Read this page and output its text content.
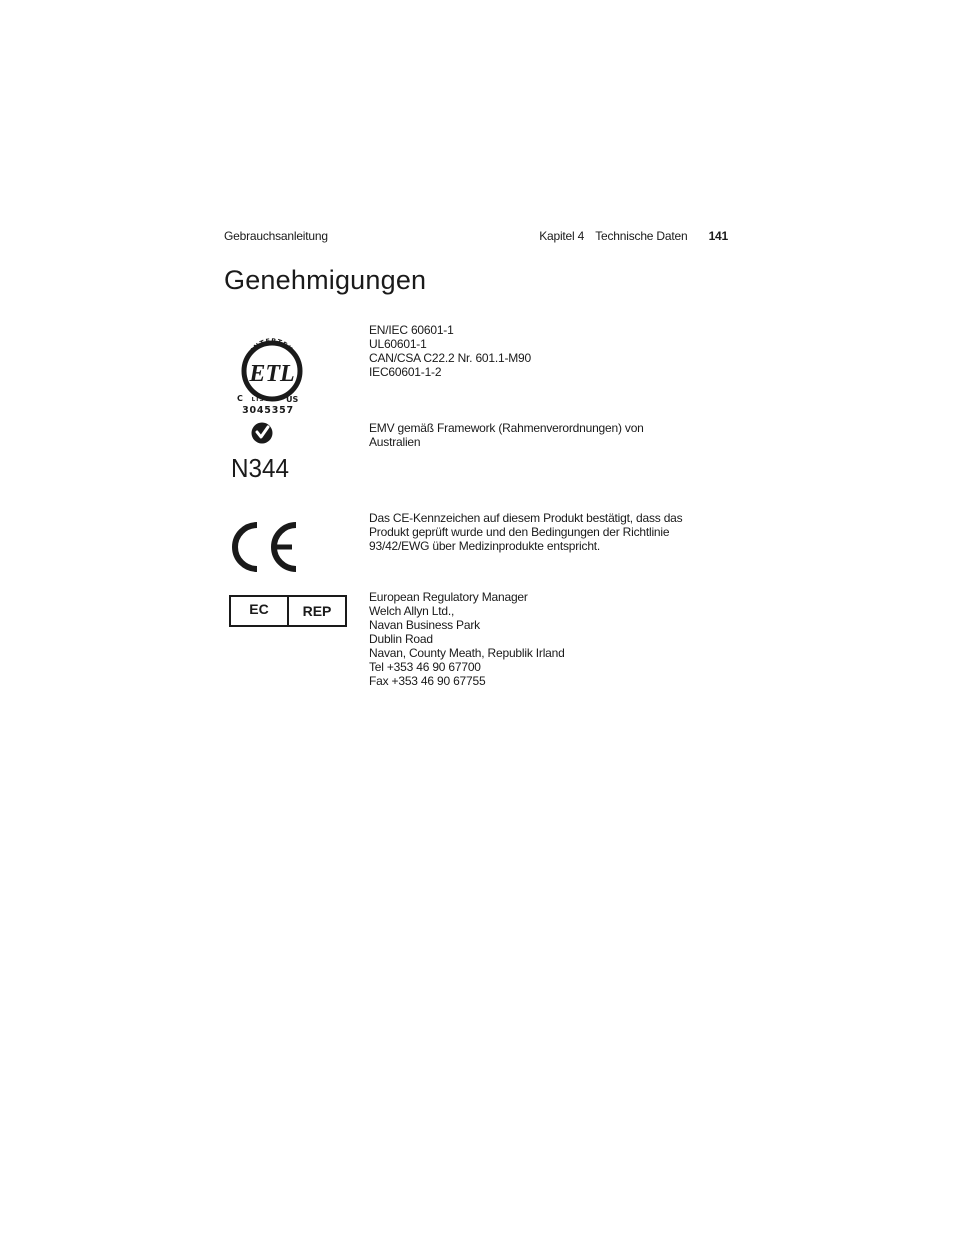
Gebrauchsanleitung	Kapitel 4 Technische Daten 141
Genehmigungen
INTERTEK
ETL
C LISTED US
3045357
EN/IEC 60601-1
UL60601-1
CAN/CSA C22.2 Nr. 601.1-M90
IEC60601-1-2
N344
EMV gemäß Framework (Rahmenverordnungen) von
Australien
Das CE-Kennzeichen auf diesem Produkt bestätigt, dass das
Produkt geprüft wurde und den Bedingungen der Richtlinie
93/42/EWG über Medizinprodukte entspricht.
EC	REP
European Regulatory Manager
Welch Allyn Ltd.,
Navan Business Park
Dublin Road
Navan, County Meath, Republik Irland
Tel +353 46 90 67700
Fax +353 46 90 67755
